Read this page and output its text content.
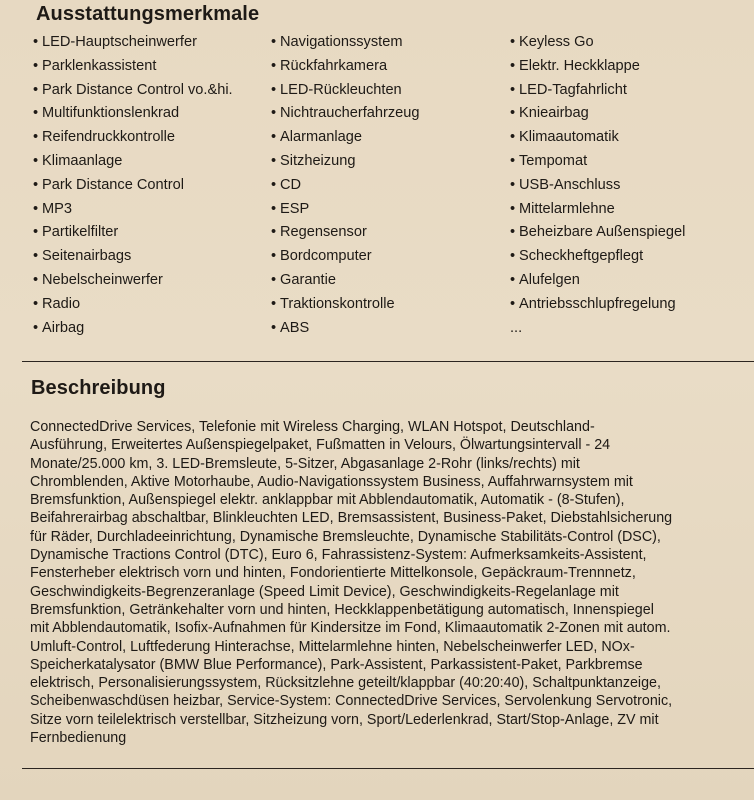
Ausstattungsmerkmale
• LED-Hauptscheinwerfer
• Parklenkassistent
• Park Distance Control vo.&hi.
• Multifunktionslenkrad
• Reifendruckkontrolle
• Klimaanlage
• Park Distance Control
• MP3
• Partikelfilter
• Seitenairbags
• Nebelscheinwerfer
• Radio
• Airbag
• Navigationssystem
• Rückfahrkamera
• LED-Rückleuchten
• Nichtraucherfahrzeug
• Alarmanlage
• Sitzheizung
• CD
• ESP
• Regensensor
• Bordcomputer
• Garantie
• Traktionskontrolle
• ABS
• Keyless Go
• Elektr. Heckklappe
• LED-Tagfahrlicht
• Knieairbag
• Klimaautomatik
• Tempomat
• USB-Anschluss
• Mittelarmlehne
• Beheizbare Außenspiegel
• Scheckheftgepflegt
• Alufelgen
• Antriebsschlupfregelung
...
Beschreibung

ConnectedDrive Services, Telefonie mit Wireless Charging, WLAN Hotspot, Deutschland-
Ausführung, Erweitertes Außenspiegelpaket, Fußmatten in Velours, Ölwartungsintervall - 24
Monate/25.000 km, 3. LED-Bremsleute, 5-Sitzer, Abgasanlage 2-Rohr (links/rechts) mit
Chromblenden, Aktive Motorhaube, Audio-Navigationssystem Business, Auffahrwarnsystem mit
Bremsfunktion, Außenspiegel elektr. anklappbar mit Abblendautomatik, Automatik - (8-Stufen),
Beifahrerairbag abschaltbar, Blinkleuchten LED, Bremsassistent, Business-Paket, Diebstahlsicherung
für Räder, Durchladeeinrichtung, Dynamische Bremsleuchte, Dynamische Stabilitäts-Control (DSC),
Dynamische Tractions Control (DTC), Euro 6, Fahrassistenz-System: Aufmerksamkeits-Assistent,
Fensterheber elektrisch vorn und hinten, Fondorientierte Mittelkonsole, Gepäckraum-Trennnetz,
Geschwindigkeits-Begrenzeranlage (Speed Limit Device), Geschwindigkeits-Regelanlage mit
Bremsfunktion, Getränkehalter vorn und hinten, Heckklappenbetätigung automatisch, Innenspiegel
mit Abblendautomatik, Isofix-Aufnahmen für Kindersitze im Fond, Klimaautomatik 2-Zonen mit autom.
Umluft-Control, Luftfederung Hinterachse, Mittelarmlehne hinten, Nebelscheinwerfer LED, NOx-
Speicherkatalysator (BMW Blue Performance), Park-Assistent, Parkassistent-Paket, Parkbremse
elektrisch, Personalisierungssystem, Rücksitzlehne geteilt/klappbar (40:20:40), Schaltpunktanzeige,
Scheibenwaschdüsen heizbar, Service-System: ConnectedDrive Services, Servolenkung Servotronic,
Sitze vorn teilelektrisch verstellbar, Sitzheizung vorn, Sport/Lederlenkrad, Start/Stop-Anlage, ZV mit
Fernbedienung
